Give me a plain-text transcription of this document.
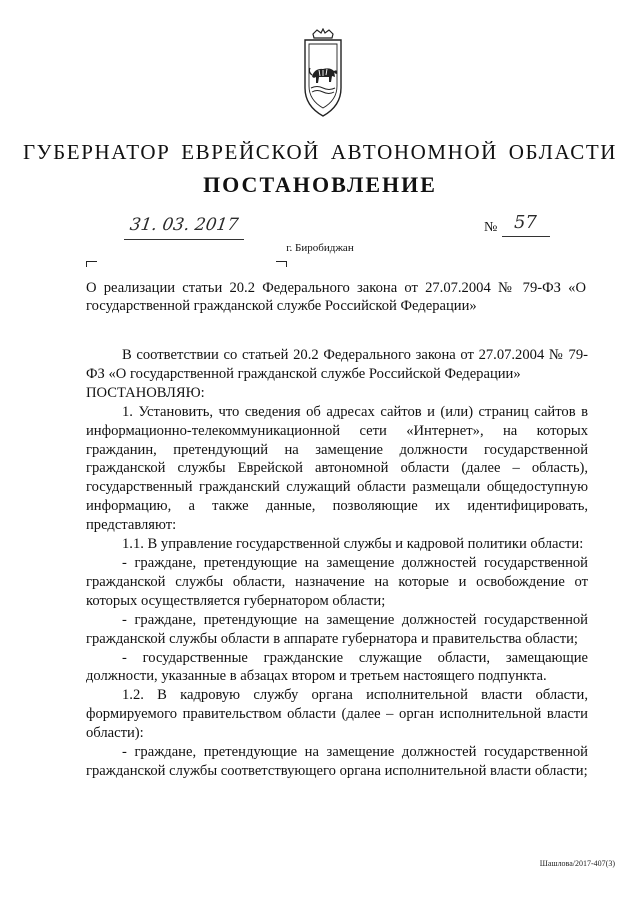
ГУБЕРНАТОР ЕВРЕЙСКОЙ АВТОНОМНОЙ ОБЛАСТИ
ПОСТАНОВЛЕНИЕ
31. 03. 2017	№ 57
г. Биробиджан
О реализации статьи 20.2 Федерального закона от 27.07.2004 № 79-ФЗ «О государственной гражданской службе Российской Федерации»

В соответствии со статьей 20.2 Федерального закона от 27.07.2004 № 79-ФЗ «О государственной гражданской службе Российской Федерации»

ПОСТАНОВЛЯЮ:

1. Установить, что сведения об адресах сайтов и (или) страниц сайтов в информационно-телекоммуникационной сети «Интернет», на которых гражданин, претендующий на замещение должности государственной гражданской службы Еврейской автономной области (далее – область), государственный гражданский служащий области размещали общедоступную информацию, а также данные, позволяющие их идентифицировать, представляют:

1.1. В управление государственной службы и кадровой политики области:

- граждане, претендующие на замещение должностей государственной гражданской службы области, назначение на которые и освобождение от которых осуществляется губернатором области;

- граждане, претендующие на замещение должностей государственной гражданской службы области в аппарате губернатора и правительства области;

- государственные гражданские служащие области, замещающие должности, указанные в абзацах втором и третьем настоящего подпункта.

1.2. В кадровую службу органа исполнительной власти области, формируемого правительством области (далее – орган исполнительной власти области):

- граждане, претендующие на замещение должностей государственной гражданской службы соответствующего органа исполнительной власти области;

Шашлова/2017-407(3)
